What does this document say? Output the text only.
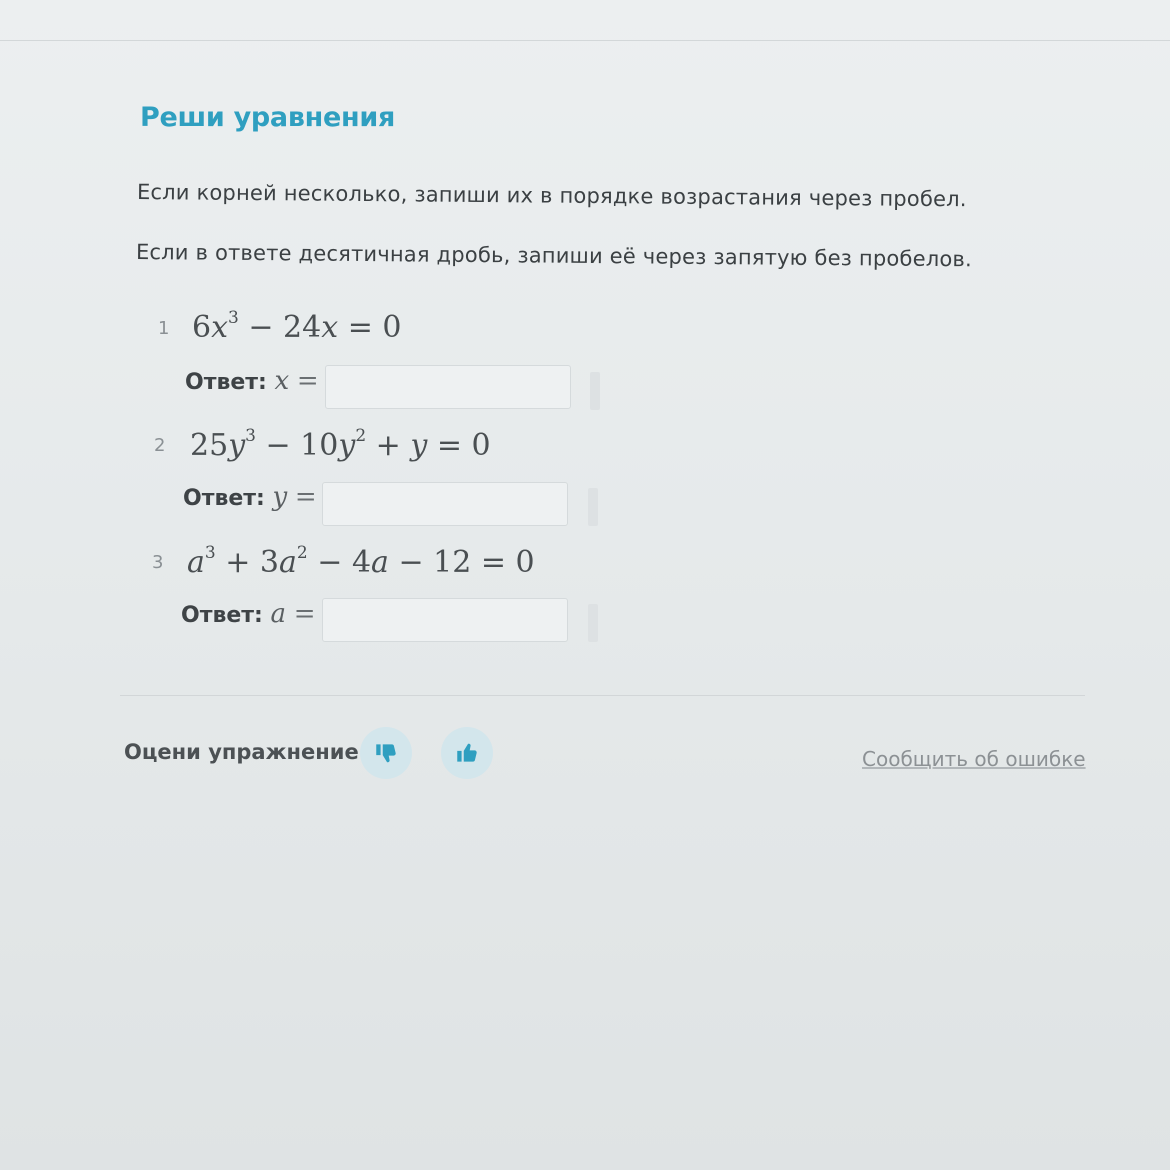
Реши уравнения
Если корней несколько, запиши их в порядке возрастания через пробел.
Если в ответе десятичная дробь, запиши её через запятую без пробелов.
1 $6x^3 - 24x = 0$
Ответ: x =
2 $25y^3 - 10y^2 + y = 0$
Ответ: y =
3 $a^3 + 3a^2 - 4a - 12 = 0$
Ответ: a =
Оцени упражнение	Сообщить об ошибке
